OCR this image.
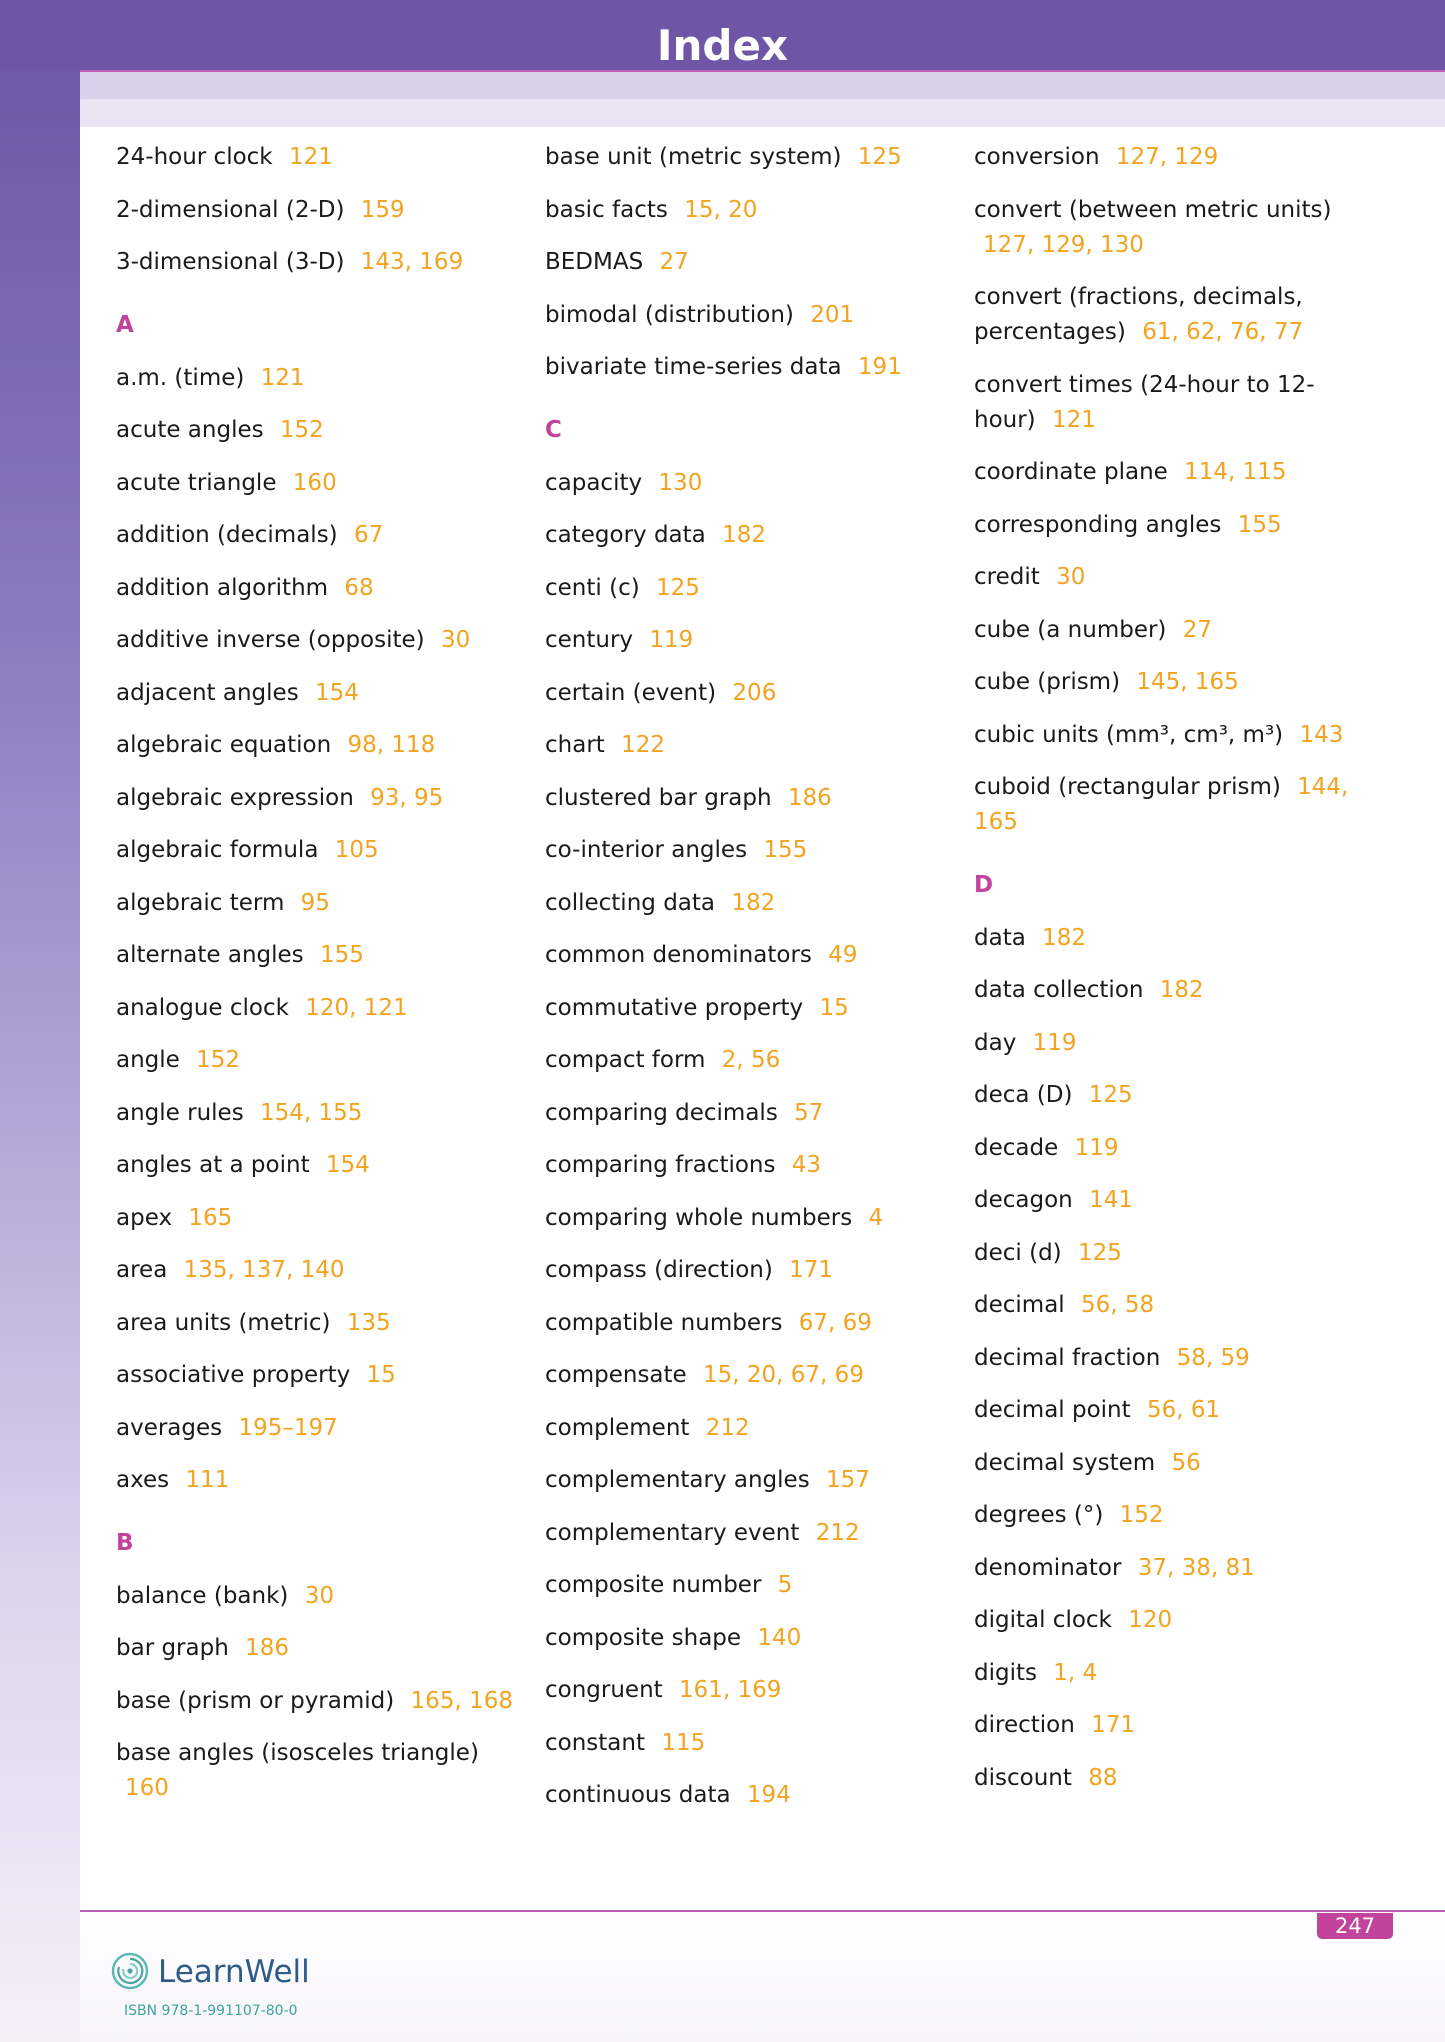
Index
24-hour clock 121
2-dimensional (2-D) 159
3-dimensional (3-D) 143, 169
A
a.m. (time) 121
acute angles 152
acute triangle 160
addition (decimals) 67
addition algorithm 68
additive inverse (opposite) 30
adjacent angles 154
algebraic equation 98, 118
algebraic expression 93, 95
algebraic formula 105
algebraic term 95
alternate angles 155
analogue clock 120, 121
angle 152
angle rules 154, 155
angles at a point 154
apex 165
area 135, 137, 140
area units (metric) 135
associative property 15
averages 195–197
axes 111
B
balance (bank) 30
bar graph 186
base (prism or pyramid) 165, 168
base angles (isosceles triangle) 160
base unit (metric system) 125
basic facts 15, 20
BEDMAS 27
bimodal (distribution) 201
bivariate time-series data 191
C
capacity 130
category data 182
centi (c) 125
century 119
certain (event) 206
chart 122
clustered bar graph 186
co-interior angles 155
collecting data 182
common denominators 49
commutative property 15
compact form 2, 56
comparing decimals 57
comparing fractions 43
comparing whole numbers 4
compass (direction) 171
compatible numbers 67, 69
compensate 15, 20, 67, 69
complement 212
complementary angles 157
complementary event 212
composite number 5
composite shape 140
congruent 161, 169
constant 115
continuous data 194
conversion 127, 129
convert (between metric units) 127, 129, 130
convert (fractions, decimals, percentages) 61, 62, 76, 77
convert times (24-hour to 12-hour) 121
coordinate plane 114, 115
corresponding angles 155
credit 30
cube (a number) 27
cube (prism) 145, 165
cubic units (mm³, cm³, m³) 143
cuboid (rectangular prism) 144, 165
D
data 182
data collection 182
day 119
deca (D) 125
decade 119
decagon 141
deci (d) 125
decimal 56, 58
decimal fraction 58, 59
decimal point 56, 61
decimal system 56
degrees (°) 152
denominator 37, 38, 81
digital clock 120
digits 1, 4
direction 171
discount 88
247
LearnWell
ISBN 978-1-991107-80-0
